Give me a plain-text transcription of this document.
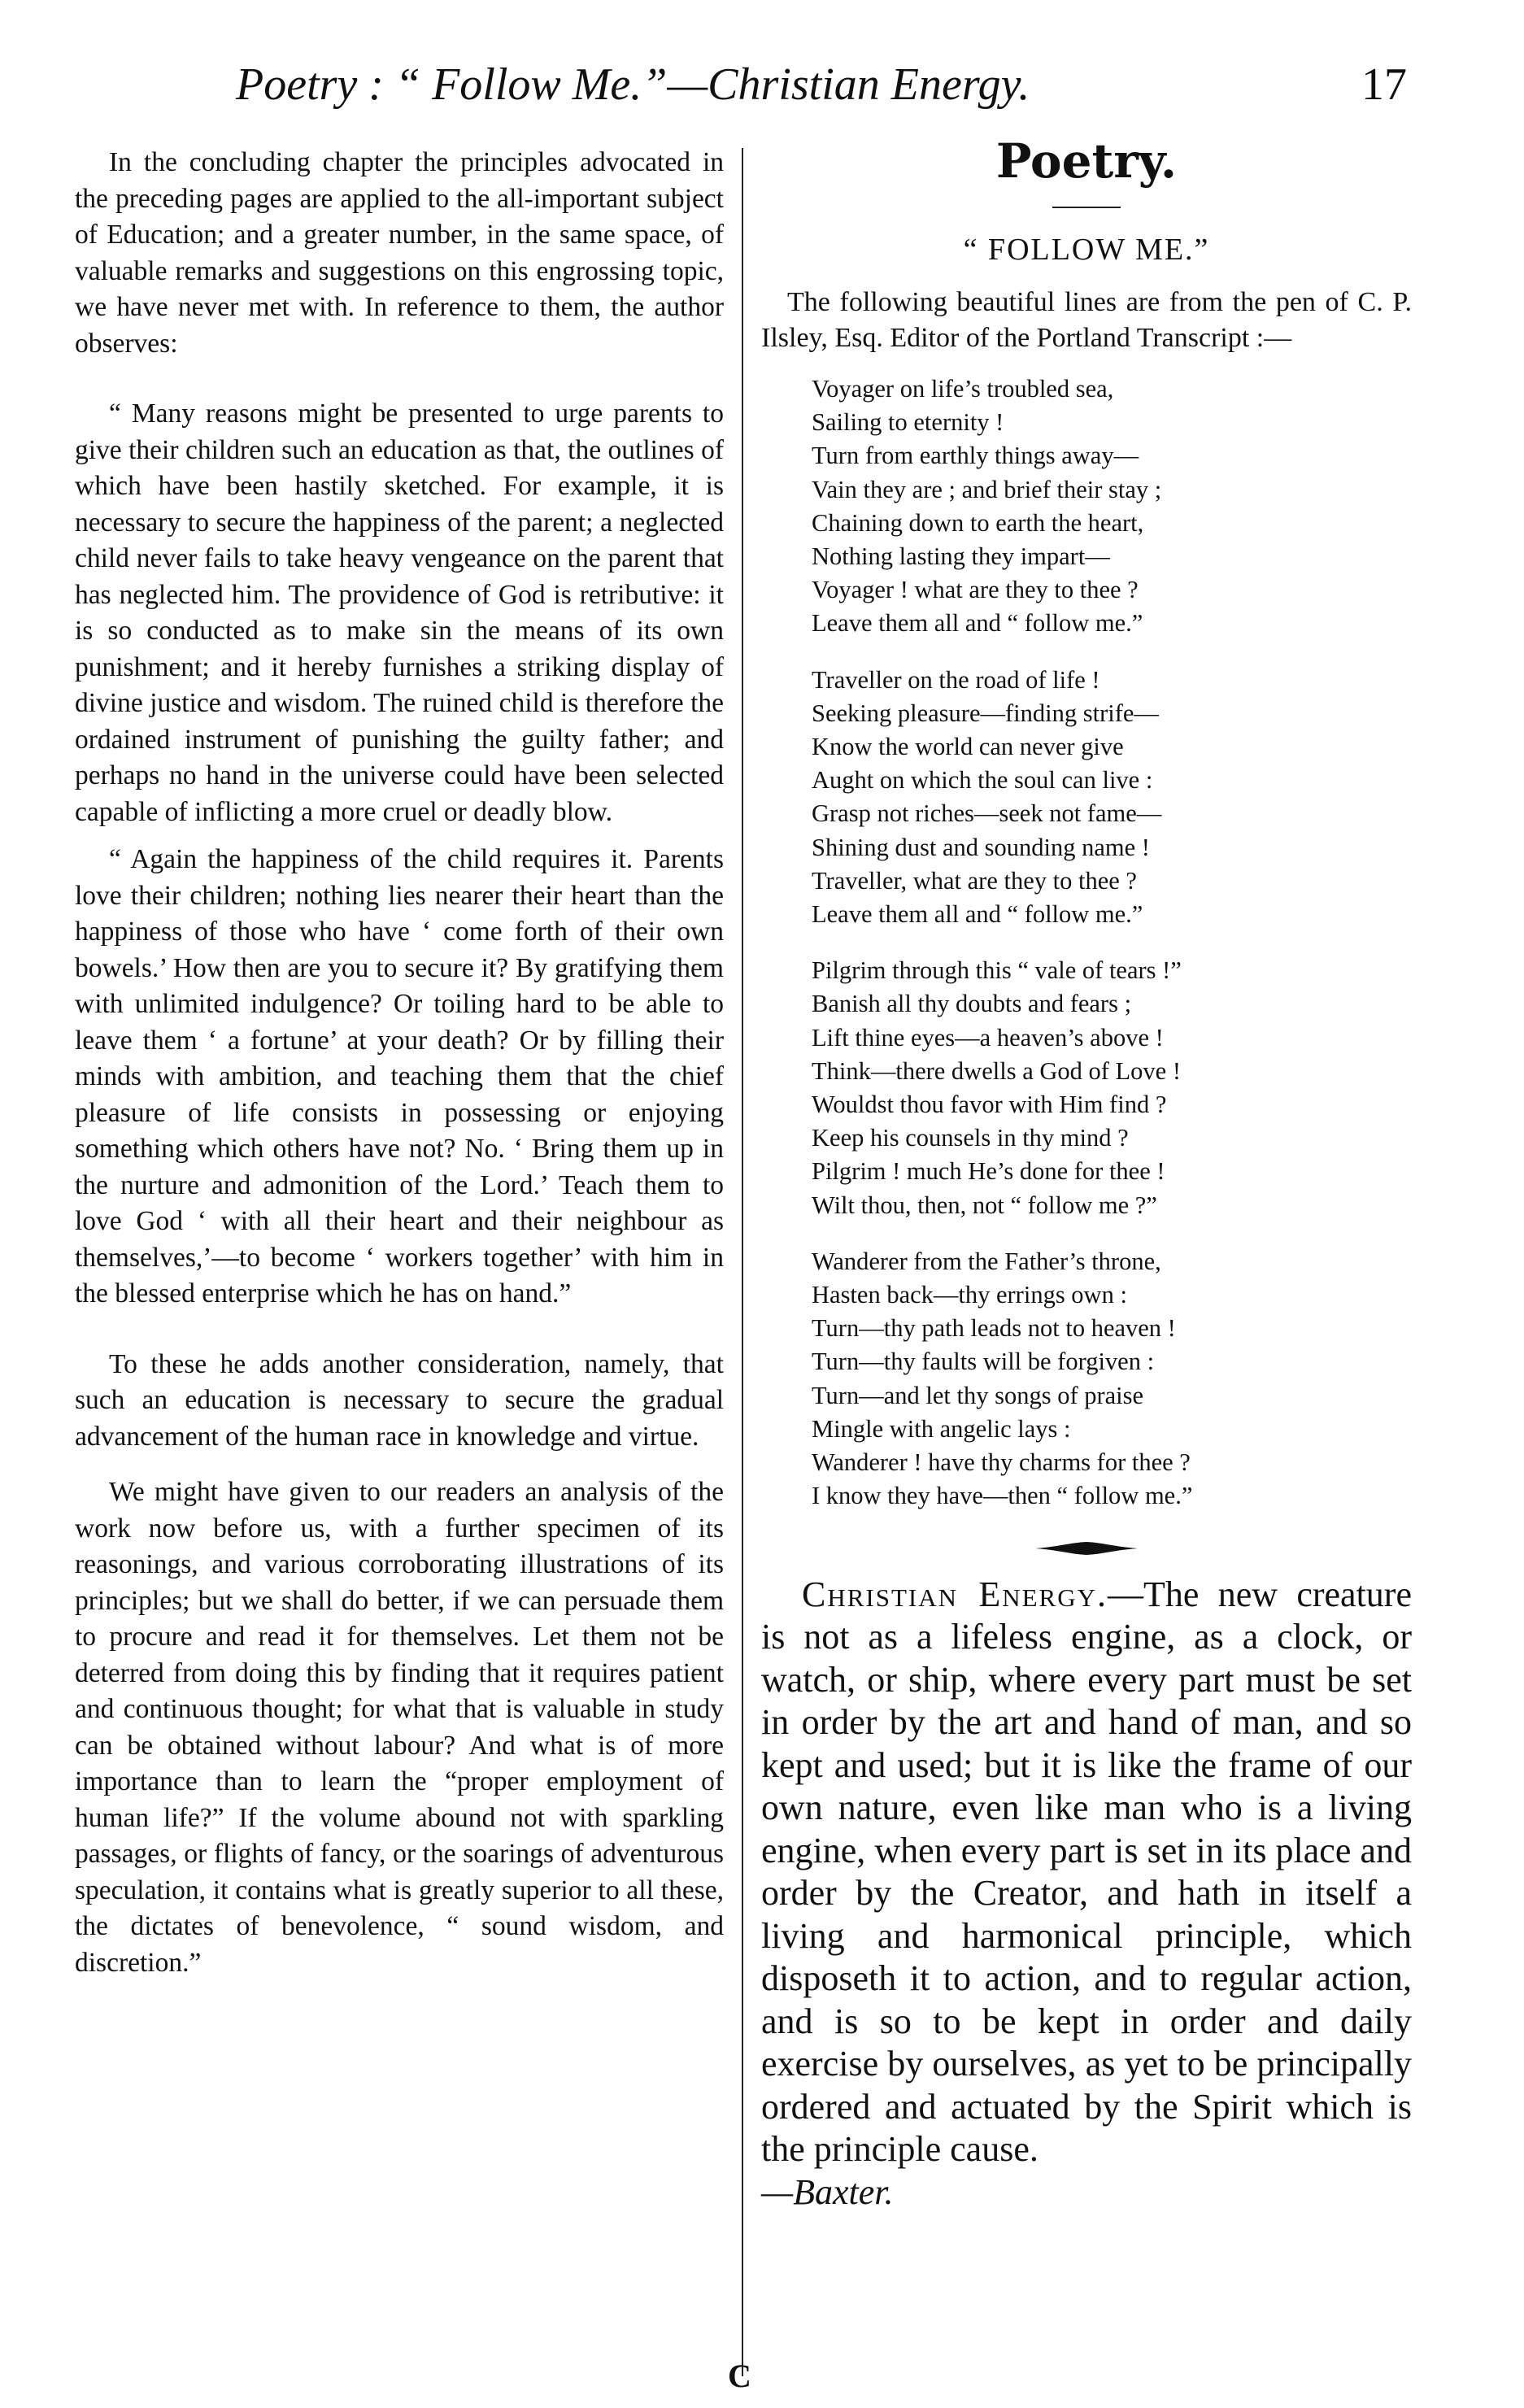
Poetry : “ Follow Me.”—Christian Energy.	17

In the concluding chapter the principles advocated in the preceding pages are applied to the all-important subject of Education; and a greater number, in the same space, of valuable remarks and suggestions on this engrossing topic, we have never met with. In reference to them, the author observes:

“ Many reasons might be presented to urge parents to give their children such an education as that, the outlines of which have been hastily sketched. For example, it is necessary to secure the happiness of the parent; a neglected child never fails to take heavy vengeance on the parent that has neglected him. The providence of God is retributive: it is so conducted as to make sin the means of its own punishment; and it hereby furnishes a striking display of divine justice and wisdom. The ruined child is therefore the ordained instrument of punishing the guilty father; and perhaps no hand in the universe could have been selected capable of inflicting a more cruel or deadly blow.

“ Again the happiness of the child requires it. Parents love their children; nothing lies nearer their heart than the happiness of those who have ‘ come forth of their own bowels.’ How then are you to secure it? By gratifying them with unlimited indulgence? Or toiling hard to be able to leave them ‘ a fortune’ at your death? Or by filling their minds with ambition, and teaching them that the chief pleasure of life consists in possessing or enjoying something which others have not? No. ‘ Bring them up in the nurture and admonition of the Lord.’ Teach them to love God ‘ with all their heart and their neighbour as themselves,’—to become ‘ workers together’ with him in the blessed enterprise which he has on hand.”

To these he adds another consideration, namely, that such an education is necessary to secure the gradual advancement of the human race in knowledge and virtue.

We might have given to our readers an analysis of the work now before us, with a further specimen of its reasonings, and various corroborating illustrations of its principles; but we shall do better, if we can persuade them to procure and read it for themselves. Let them not be deterred from doing this by finding that it requires patient and continuous thought; for what that is valuable in study can be obtained without labour? And what is of more importance than to learn the “proper employment of human life?” If the volume abound not with sparkling passages, or flights of fancy, or the soarings of adventurous speculation, it contains what is greatly superior to all these, the dictates of benevolence, “ sound wisdom, and discretion.”

Poetry.
“ FOLLOW ME.”

The following beautiful lines are from the pen of C. P. Ilsley, Esq. Editor of the Portland Transcript :—

Voyager on life’s troubled sea,
Sailing to eternity !
Turn from earthly things away—
Vain they are ; and brief their stay ;
Chaining down to earth the heart,
Nothing lasting they impart—
Voyager ! what are they to thee ?
Leave them all and “ follow me.”
Traveller on the road of life !
Seeking pleasure—finding strife—
Know the world can never give
Aught on which the soul can live :
Grasp not riches—seek not fame—
Shining dust and sounding name !
Traveller, what are they to thee ?
Leave them all and “ follow me.”
Pilgrim through this “ vale of tears !”
Banish all thy doubts and fears ;
Lift thine eyes—a heaven’s above !
Think—there dwells a God of Love !
Wouldst thou favor with Him find ?
Keep his counsels in thy mind ?
Pilgrim ! much He’s done for thee !
Wilt thou, then, not “ follow me ?”
Wanderer from the Father’s throne,
Hasten back—thy errings own :
Turn—thy path leads not to heaven !
Turn—thy faults will be forgiven :
Turn—and let thy songs of praise
Mingle with angelic lays :
Wanderer ! have thy charms for thee ?
I know they have—then “ follow me.”

Christian Energy.—The new creature is not as a lifeless engine, as a clock, or watch, or ship, where every part must be set in order by the art and hand of man, and so kept and used; but it is like the frame of our own nature, even like man who is a living engine, when every part is set in its place and order by the Creator, and hath in itself a living and harmonical principle, which disposeth it to action, and to regular action, and is so to be kept in order and daily exercise by ourselves, as yet to be principally ordered and actuated by the Spirit which is the principle cause.
—Baxter.

C
